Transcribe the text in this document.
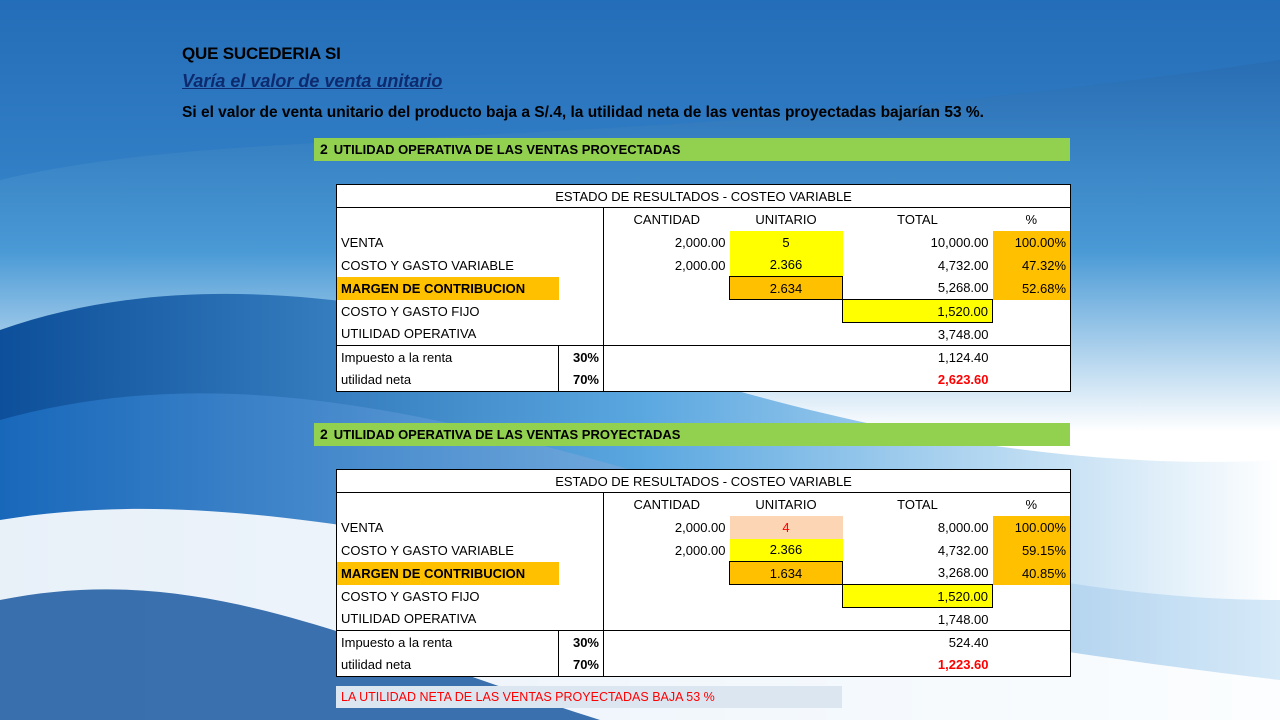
QUE SUCEDERIA SI
Varía el valor de venta unitario
Si el valor de venta unitario del producto baja a S/.4, la utilidad neta de las ventas proyectadas bajarían 53 %.
2 UTILIDAD OPERATIVA DE LAS VENTAS PROYECTADAS
ESTADO DE RESULTADOS - COSTEO VARIABLE					
		CANTIDAD	UNITARIO	TOTAL	%
VENTA		2,000.00	5	10,000.00	100.00%
COSTO Y GASTO VARIABLE		2,000.00	2.366	4,732.00	47.32%
MARGEN DE CONTRIBUCION			2.634	5,268.00	52.68%
COSTO Y GASTO FIJO				1,520.00	
UTILIDAD OPERATIVA				3,748.00	
Impuesto a la renta	30%			1,124.40	
utilidad neta	70%			2,623.60	
2 UTILIDAD OPERATIVA DE LAS VENTAS PROYECTADAS
ESTADO DE RESULTADOS - COSTEO VARIABLE					
		CANTIDAD	UNITARIO	TOTAL	%
VENTA		2,000.00	4	8,000.00	100.00%
COSTO Y GASTO VARIABLE		2,000.00	2.366	4,732.00	59.15%
MARGEN DE CONTRIBUCION			1.634	3,268.00	40.85%
COSTO Y GASTO FIJO				1,520.00	
UTILIDAD OPERATIVA				1,748.00	
Impuesto a la renta	30%			524.40	
utilidad neta	70%			1,223.60	
LA UTILIDAD NETA DE LAS VENTAS PROYECTADAS BAJA 53 %
